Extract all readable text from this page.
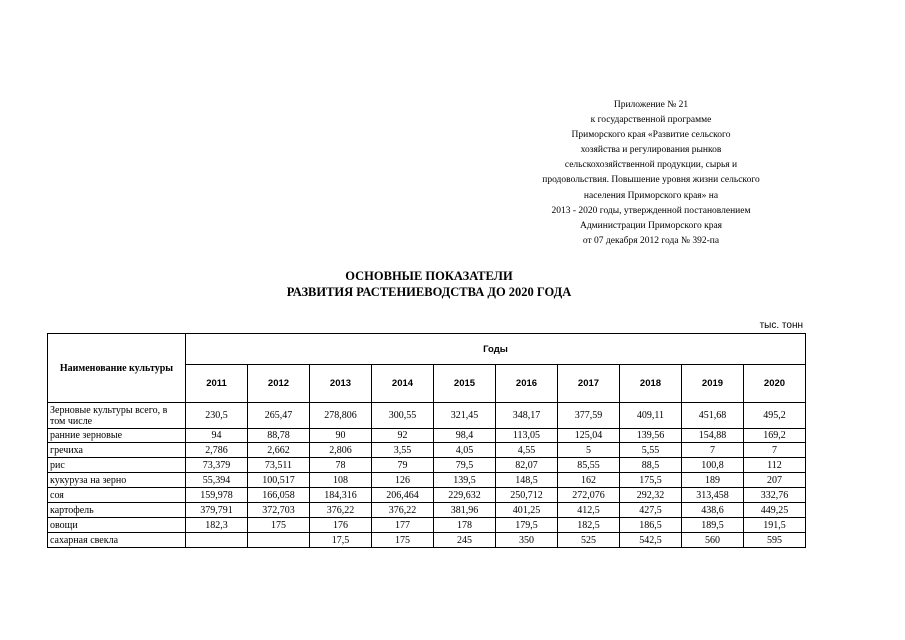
Приложение № 21
к государственной программе
Приморского края «Развитие сельского
хозяйства и регулирования рынков
сельскохозяйственной продукции, сырья и
продовольствия. Повышение уровня жизни сельского
населения Приморского края» на
2013 - 2020 годы, утвержденной постановлением
Администрации Приморского края
от 07 декабря 2012 года № 392-па
ОСНОВНЫЕ ПОКАЗАТЕЛИ
РАЗВИТИЯ РАСТЕНИЕВОДСТВА ДО 2020 ГОДА
тыс. тонн
Наименование культуры	Годы									
	2011	2012	2013	2014	2015	2016	2017	2018	2019	2020
Зерновые культуры всего, в том числе	230,5	265,47	278,806	300,55	321,45	348,17	377,59	409,11	451,68	495,2
ранние зерновые	94	88,78	90	92	98,4	113,05	125,04	139,56	154,88	169,2
гречиха	2,786	2,662	2,806	3,55	4,05	4,55	5	5,55	7	7
рис	73,379	73,511	78	79	79,5	82,07	85,55	88,5	100,8	112
кукуруза на зерно	55,394	100,517	108	126	139,5	148,5	162	175,5	189	207
соя	159,978	166,058	184,316	206,464	229,632	250,712	272,076	292,32	313,458	332,76
картофель	379,791	372,703	376,22	376,22	381,96	401,25	412,5	427,5	438,6	449,25
овощи	182,3	175	176	177	178	179,5	182,5	186,5	189,5	191,5
сахарная свекла			17,5	175	245	350	525	542,5	560	595
